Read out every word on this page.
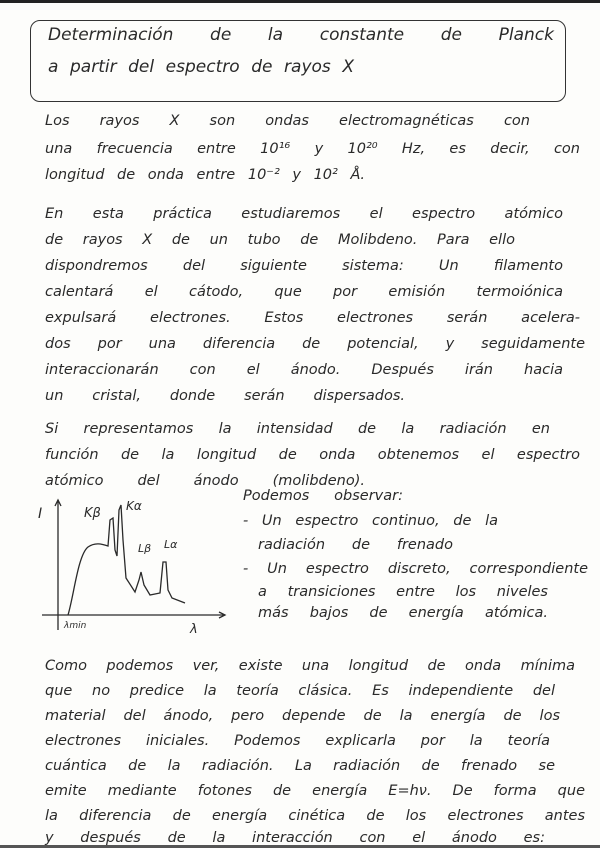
Determinación de la constante de Planck
a partir del espectro de rayos X
Los rayos X son ondas electromagnéticas con
una frecuencia entre 10¹⁶ y 10²⁰ Hz, es decir, con
longitud de onda entre 10⁻² y 10² Å.
En esta práctica estudiaremos el espectro atómico
de rayos X de un tubo de Molibdeno. Para ello
dispondremos del siguiente sistema: Un filamento
calentará el cátodo, que por emisión termoiónica
expulsará electrones. Estos electrones serán acelera-
dos por una diferencia de potencial, y seguidamente
interaccionarán con el ánodo. Después irán hacia
un cristal, donde serán dispersados.
Si representamos la intensidad de la radiación en
función de la longitud de onda obtenemos el espectro
atómico del ánodo (molibdeno).
I	Kβ Kα
Lβ Lα
λmin	λ
Podemos observar:
- Un espectro continuo, de la
radiación de frenado
- Un espectro discreto, correspondiente
a transiciones entre los niveles
más bajos de energía atómica.
Como podemos ver, existe una longitud de onda mínima
que no predice la teoría clásica. Es independiente del
material del ánodo, pero depende de la energía de los
electrones iniciales. Podemos explicarla por la teoría
cuántica de la radiación. La radiación de frenado se
emite mediante fotones de energía E=hν. De forma que
la diferencia de energía cinética de los electrones antes
y después de la interacción con el ánodo es:
